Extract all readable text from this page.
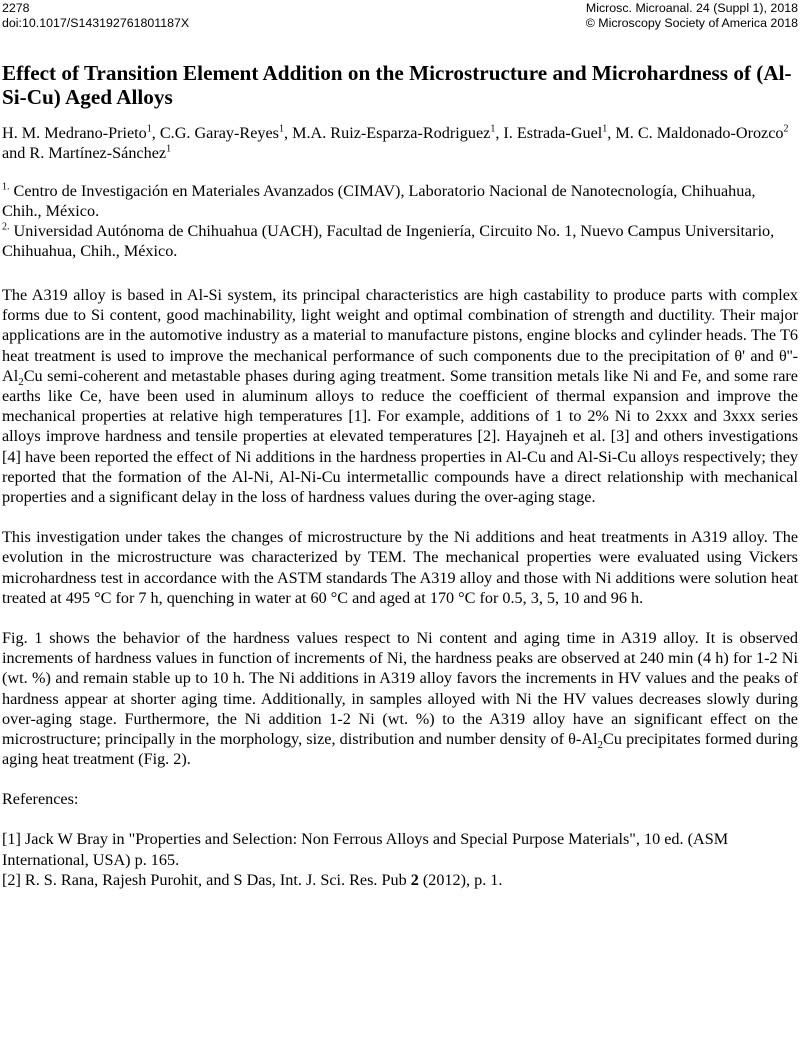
2278	Microsc. Microanal. 24 (Suppl 1), 2018
doi:10.1017/S143192761801187X	© Microscopy Society of America 2018
Effect of Transition Element Addition on the Microstructure and Microhardness of (Al-Si-Cu) Aged Alloys
H. M. Medrano-Prieto$^1$, C.G. Garay-Reyes$^1$, M.A. Ruiz-Esparza-Rodriguez$^1$, I. Estrada-Guel$^1$, M. C. Maldonado-Orozco$^2$ and R. Martínez-Sánchez$^1$
$^{1.}$ Centro de Investigación en Materiales Avanzados (CIMAV), Laboratorio Nacional de Nanotecnología, Chihuahua, Chih., México.
$^{2.}$ Universidad Autónoma de Chihuahua (UACH), Facultad de Ingeniería, Circuito No. 1, Nuevo Campus Universitario, Chihuahua, Chih., México.

The A319 alloy is based in Al-Si system, its principal characteristics are high castability to produce parts with complex forms due to Si content, good machinability, light weight and optimal combination of strength and ductility. Their major applications are in the automotive industry as a material to manufacture pistons, engine blocks and cylinder heads. The T6 heat treatment is used to improve the mechanical performance of such components due to the precipitation of θ' and $\theta''-Al_2Cu$ semi-coherent and metastable phases during aging treatment. Some transition metals like Ni and Fe, and some rare earths like Ce, have been used in aluminum alloys to reduce the coefficient of thermal expansion and improve the mechanical properties at relative high temperatures [1]. For example, additions of 1 to 2% Ni to 2xxx and 3xxx series alloys improve hardness and tensile properties at elevated temperatures [2]. Hayajneh et al. [3] and others investigations [4] have been reported the effect of Ni additions in the hardness properties in Al-Cu and Al-Si-Cu alloys respectively; they reported that the formation of the Al-Ni, Al-Ni-Cu intermetallic compounds have a direct relationship with mechanical properties and a significant delay in the loss of hardness values during the over-aging stage.

This investigation under takes the changes of microstructure by the Ni additions and heat treatments in A319 alloy. The evolution in the microstructure was characterized by TEM. The mechanical properties were evaluated using Vickers microhardness test in accordance with the ASTM standards The A319 alloy and those with Ni additions were solution heat treated at 495 °C for 7 h, quenching in water at 60 °C and aged at 170 °C for 0.5, 3, 5, 10 and 96 h.

Fig. 1 shows the behavior of the hardness values respect to Ni content and aging time in A319 alloy. It is observed increments of hardness values in function of increments of Ni, the hardness peaks are observed at 240 min (4 h) for 1-2 Ni (wt. %) and remain stable up to 10 h. The Ni additions in A319 alloy favors the increments in HV values and the peaks of hardness appear at shorter aging time. Additionally, in samples alloyed with Ni the HV values decreases slowly during over-aging stage. Furthermore, the Ni addition 1-2 Ni (wt. %) to the A319 alloy have an significant effect on the microstructure; principally in the morphology, size, distribution and number density of $\theta-Al_2Cu$ precipitates formed during aging heat treatment (Fig. 2).

References:
[1] Jack W Bray in "Properties and Selection: Non Ferrous Alloys and Special Purpose Materials", 10 ed. (ASM International, USA) p. 165.
[2] R. S. Rana, Rajesh Purohit, and S Das, Int. J. Sci. Res. Pub 2 (2012), p. 1.
